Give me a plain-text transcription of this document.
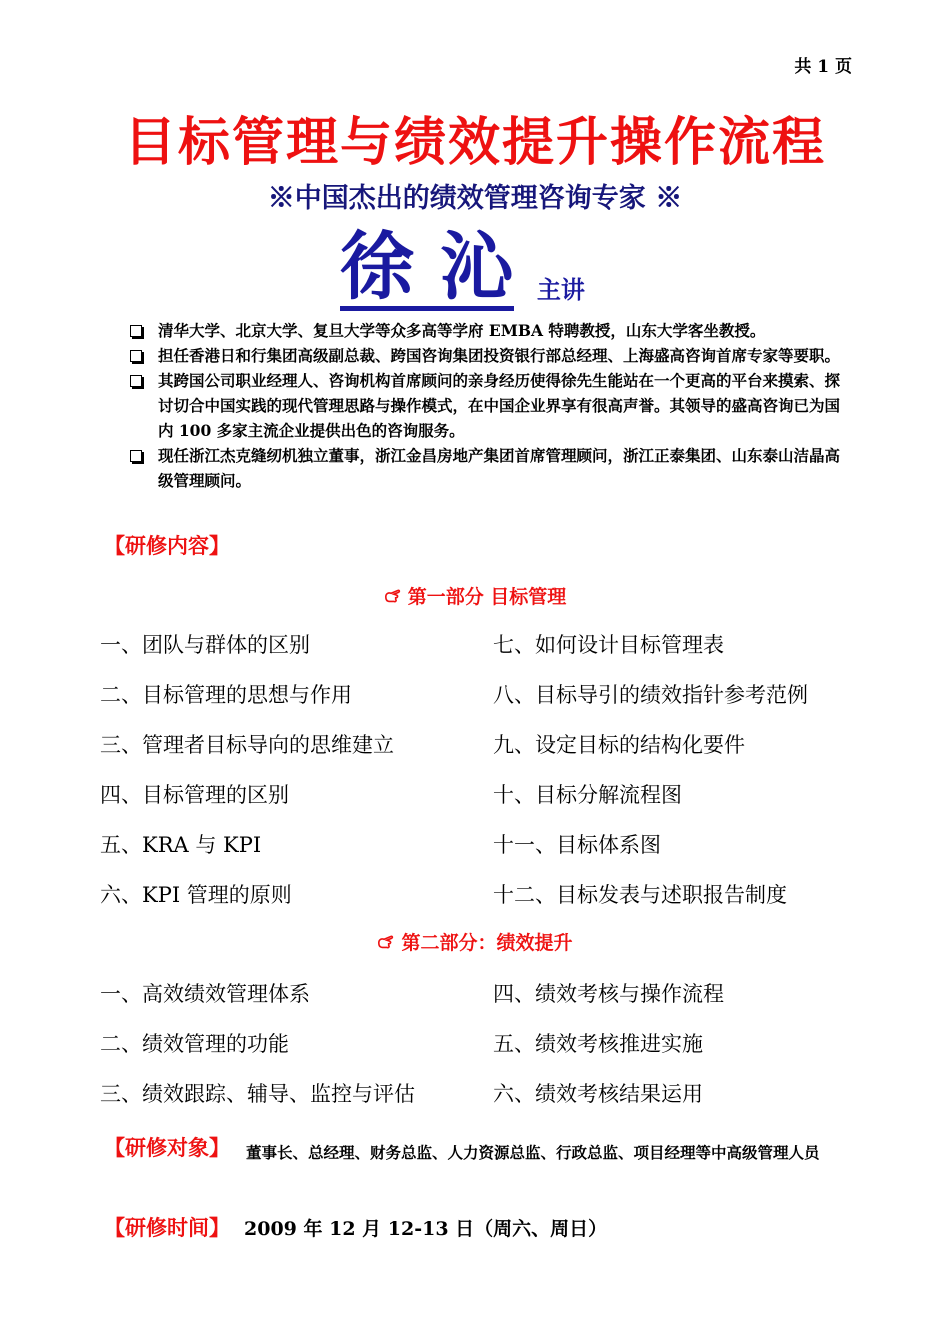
共 1 页
目标管理与绩效提升操作流程
※中国杰出的绩效管理咨询专家 ※
徐 沁 主讲
清华大学、北京大学、复旦大学等众多高等学府 EMBA 特聘教授，山东大学客坐教授。
担任香港日和行集团高级副总裁、跨国咨询集团投资银行部总经理、上海盛高咨询首席专家等要职。
其跨国公司职业经理人、咨询机构首席顾问的亲身经历使得徐先生能站在一个更高的平台来摸索、探讨切合中国实践的现代管理思路与操作模式，在中国企业界享有很高声誉。其领导的盛高咨询已为国内 100 多家主流企业提供出色的咨询服务。
现任浙江杰克缝纫机独立董事，浙江金昌房地产集团首席管理顾问，浙江正泰集团、山东泰山洁晶高级管理顾问。
【研修内容】
第一部分 目标管理
一、团队与群体的区别
二、目标管理的思想与作用
三、管理者目标导向的思维建立
四、目标管理的区别
五、KRA 与 KPI
六、KPI 管理的原则
七、如何设计目标管理表
八、目标导引的绩效指针参考范例
九、设定目标的结构化要件
十、目标分解流程图
十一、目标体系图
十二、目标发表与述职报告制度
第二部分：绩效提升
一、高效绩效管理体系
二、绩效管理的功能
三、绩效跟踪、辅导、监控与评估
四、绩效考核与操作流程
五、绩效考核推进实施
六、绩效考核结果运用
【研修对象】 董事长、总经理、财务总监、人力资源总监、行政总监、项目经理等中高级管理人员
【研修时间】 2009 年 12 月 12-13 日（周六、周日）
